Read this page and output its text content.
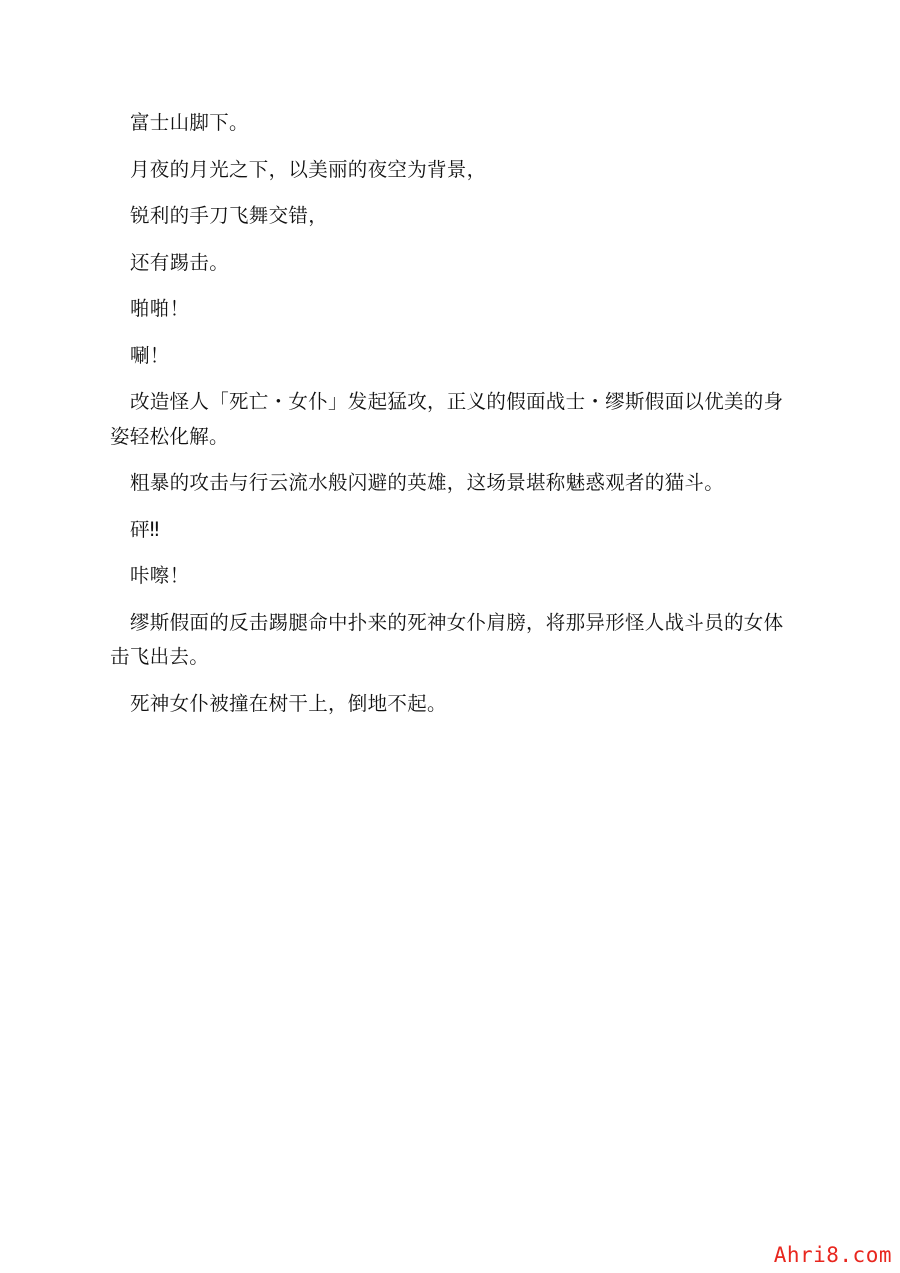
富士山脚下。

月夜的月光之下，以美丽的夜空为背景，

锐利的手刀飞舞交错，

还有踢击。

啪啪！

唰！

改造怪人「死亡・女仆」发起猛攻，正义的假面战士・缪斯假面以优美的身姿轻松化解。

粗暴的攻击与行云流水般闪避的英雄，这场景堪称魅惑观者的猫斗。

砰‼

咔嚓！

缪斯假面的反击踢腿命中扑来的死神女仆肩膀，将那异形怪人战斗员的女体击飞出去。

死神女仆被撞在树干上，倒地不起。

Ahri8.com
